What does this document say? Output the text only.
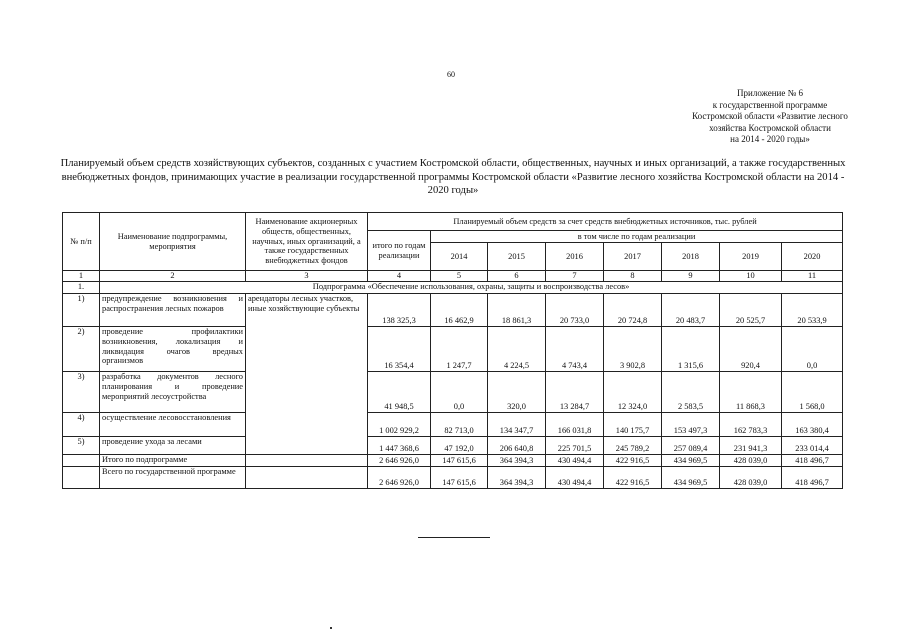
60
Приложение № 6
к государственной программе
Костромской области «Развитие лесного
хозяйства Костромской области
на 2014 - 2020 годы»
Планируемый объем средств хозяйствующих субъектов, созданных с участием Костромской области, общественных, научных и иных организаций, а также государственных
внебюджетных фондов, принимающих участие в реализации государственной программы Костромской области «Развитие лесного хозяйства Костромской области на 2014 -
2020 годы»
№ п/п	Наименование подпрограммы, мероприятия	Наименование акционерных обществ, общественных, научных, иных организаций, а также государственных внебюджетных фондов	Планируемый объем средств за счет средств внебюджетных источников, тыс. рублей							
			итого по годам реализации	в том числе по годам реализации						
				2014	2015	2016	2017	2018	2019	2020
1	2	3	4	5	6	7	8	9	10	11
1.	Подпрограмма «Обеспечение использования, охраны, защиты и воспроизводства лесов»									
1)	предупреждение возникновения и распространения лесных пожаров	арендаторы лесных участков, иные хозяйствующие субъекты	138 325,3	16 462,9	18 861,3	20 733,0	20 724,8	20 483,7	20 525,7	20 533,9
2)	проведение профилактики возникновения, локализация и ликвидация очагов вредных организмов		16 354,4	1 247,7	4 224,5	4 743,4	3 902,8	1 315,6	920,4	0,0
3)	разработка документов лесного планирования и проведение мероприятий лесоустройства		41 948,5	0,0	320,0	13 284,7	12 324,0	2 583,5	11 868,3	1 568,0
4)	осуществление лесовосстановления		1 002 929,2	82 713,0	134 347,7	166 031,8	140 175,7	153 497,3	162 783,3	163 380,4
5)	проведение ухода за лесами		1 447 368,6	47 192,0	206 640,8	225 701,5	245 789,2	257 089,4	231 941,3	233 014,4
	Итого по подпрограмме		2 646 926,0	147 615,6	364 394,3	430 494,4	422 916,5	434 969,5	428 039,0	418 496,7
	Всего по государственной программе		2 646 926,0	147 615,6	364 394,3	430 494,4	422 916,5	434 969,5	428 039,0	418 496,7
